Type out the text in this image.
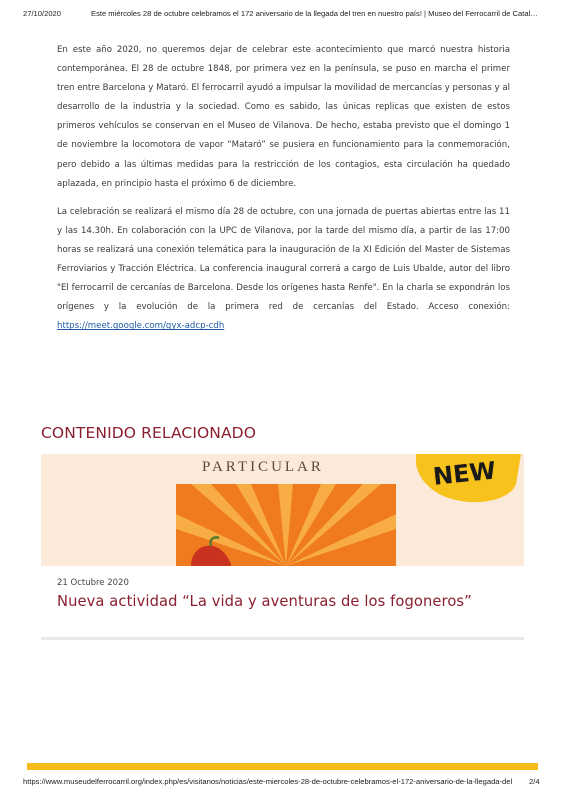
27/10/2020	Este miércoles 28 de octubre celebramos el 172 aniversario de la llegada del tren en nuestro país! | Museo del Ferrocarril de Catal…

En este año 2020, no queremos dejar de celebrar este acontecimiento que marcó nuestra historia contemporánea. El 28 de octubre 1848, por primera vez en la península, se puso en marcha el primer tren entre Barcelona y Mataró. El ferrocarril ayudó a impulsar la movilidad de mercancías y personas y al desarrollo de la industria y la sociedad. Como es sabido, las únicas replicas que existen de estos primeros vehículos se conservan en el Museo de Vilanova. De hecho, estaba previsto que el domingo 1 de noviembre la locomotora de vapor “Mataró” se pusiera en funcionamiento para la conmemoración, pero debido a las últimas medidas para la restricción de los contagios, esta circulación ha quedado aplazada, en principio hasta el próximo 6 de diciembre.

La celebración se realizará el mismo día 28 de octubre, con una jornada de puertas abiertas entre las 11 y las 14.30h. En colaboración con la UPC de Vilanova, por la tarde del mismo día, a partir de las 17:00 horas se realizará una conexión telemática para la inauguración de la XI Edición del Master de Sistemas Ferroviarios y Tracción Eléctrica. La conferencia inaugural correrá a cargo de Luis Ubalde, autor del libro "El ferrocarril de cercanías de Barcelona. Desde los orígenes hasta Renfe". En la charla se expondrán los orígenes y la evolución de la primera red de cercanías del Estado. Acceso conexión: https://meet.google.com/gyx-adcp-cdh

CONTENIDO RELACIONADO
PARTICULAR	NEW
21 Octubre 2020
Nueva actividad “La vida y aventuras de los fogoneros”
https://www.museudelferrocarril.org/index.php/es/visitanos/noticias/este-miercoles-28-de-octubre-celebramos-el-172-aniversario-de-la-llegada-del 2/4
